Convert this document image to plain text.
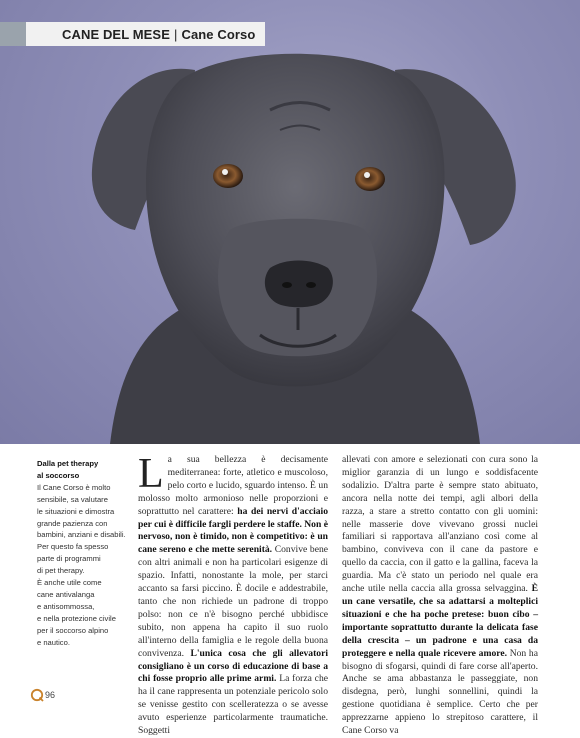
CANE DEL MESE | Cane Corso

Dalla pet therapy

al soccorso

Il Cane Corso è molto

sensibile, sa valutare

le situazioni e dimostra

grande pazienza con

bambini, anziani e disabili.

Per questo fa spesso

parte di programmi

di pet therapy.

È anche utile come

cane antivalanga

e antisommossa,

e nella protezione civile

per il soccorso alpino

e nautico.

La sua bellezza è decisamente mediterranea: forte, atletico e muscoloso, pelo corto e lucido, sguardo intenso. È un molosso molto armonioso nelle proporzioni e soprattutto nel carattere: ha dei nervi d'acciaio per cui è difficile fargli perdere le staffe. Non è nervoso, non è timido, non è competitivo: è un cane sereno e che mette serenità. Convive bene con altri animali e non ha particolari esigenze di spazio. Infatti, nonostante la mole, per starci accanto sa farsi piccino. È docile e addestrabile, tanto che non richiede un padrone di troppo polso: non ce n'è bisogno perché ubbidisce subito, non appena ha capito il suo ruolo all'interno della famiglia e le regole della buona convivenza. L'unica cosa che gli allevatori consigliano è un corso di educazione di base a chi fosse proprio alle prime armi. La forza che ha il cane rappresenta un potenziale pericolo solo se venisse gestito con scelleratezza o se avesse avuto esperienze particolarmente traumatiche. Soggetti

allevati con amore e selezionati con cura sono la miglior garanzia di un lungo e soddisfacente sodalizio. D'altra parte è sempre stato abituato, ancora nella notte dei tempi, agli albori della razza, a stare a stretto contatto con gli uomini: nelle masserie dove vivevano grossi nuclei familiari si rapportava all'anziano così come al bambino, conviveva con il cane da pastore e quello da caccia, con il gatto e la gallina, faceva la guardia. Ma c'è stato un periodo nel quale era anche utile nella caccia alla grossa selvaggina. È un cane versatile, che sa adattarsi a molteplici situazioni e che ha poche pretese: buon cibo – importante soprattutto durante la delicata fase della crescita – un padrone e una casa da proteggere e nella quale ricevere amore. Non ha bisogno di sfogarsi, quindi di fare corse all'aperto. Anche se ama abbastanza le passeggiate, non disdegna, però, lunghi sonnellini, quindi la gestione quotidiana è semplice. Certo che per apprezzarne appieno lo strepitoso carattere, il Cane Corso va

96
